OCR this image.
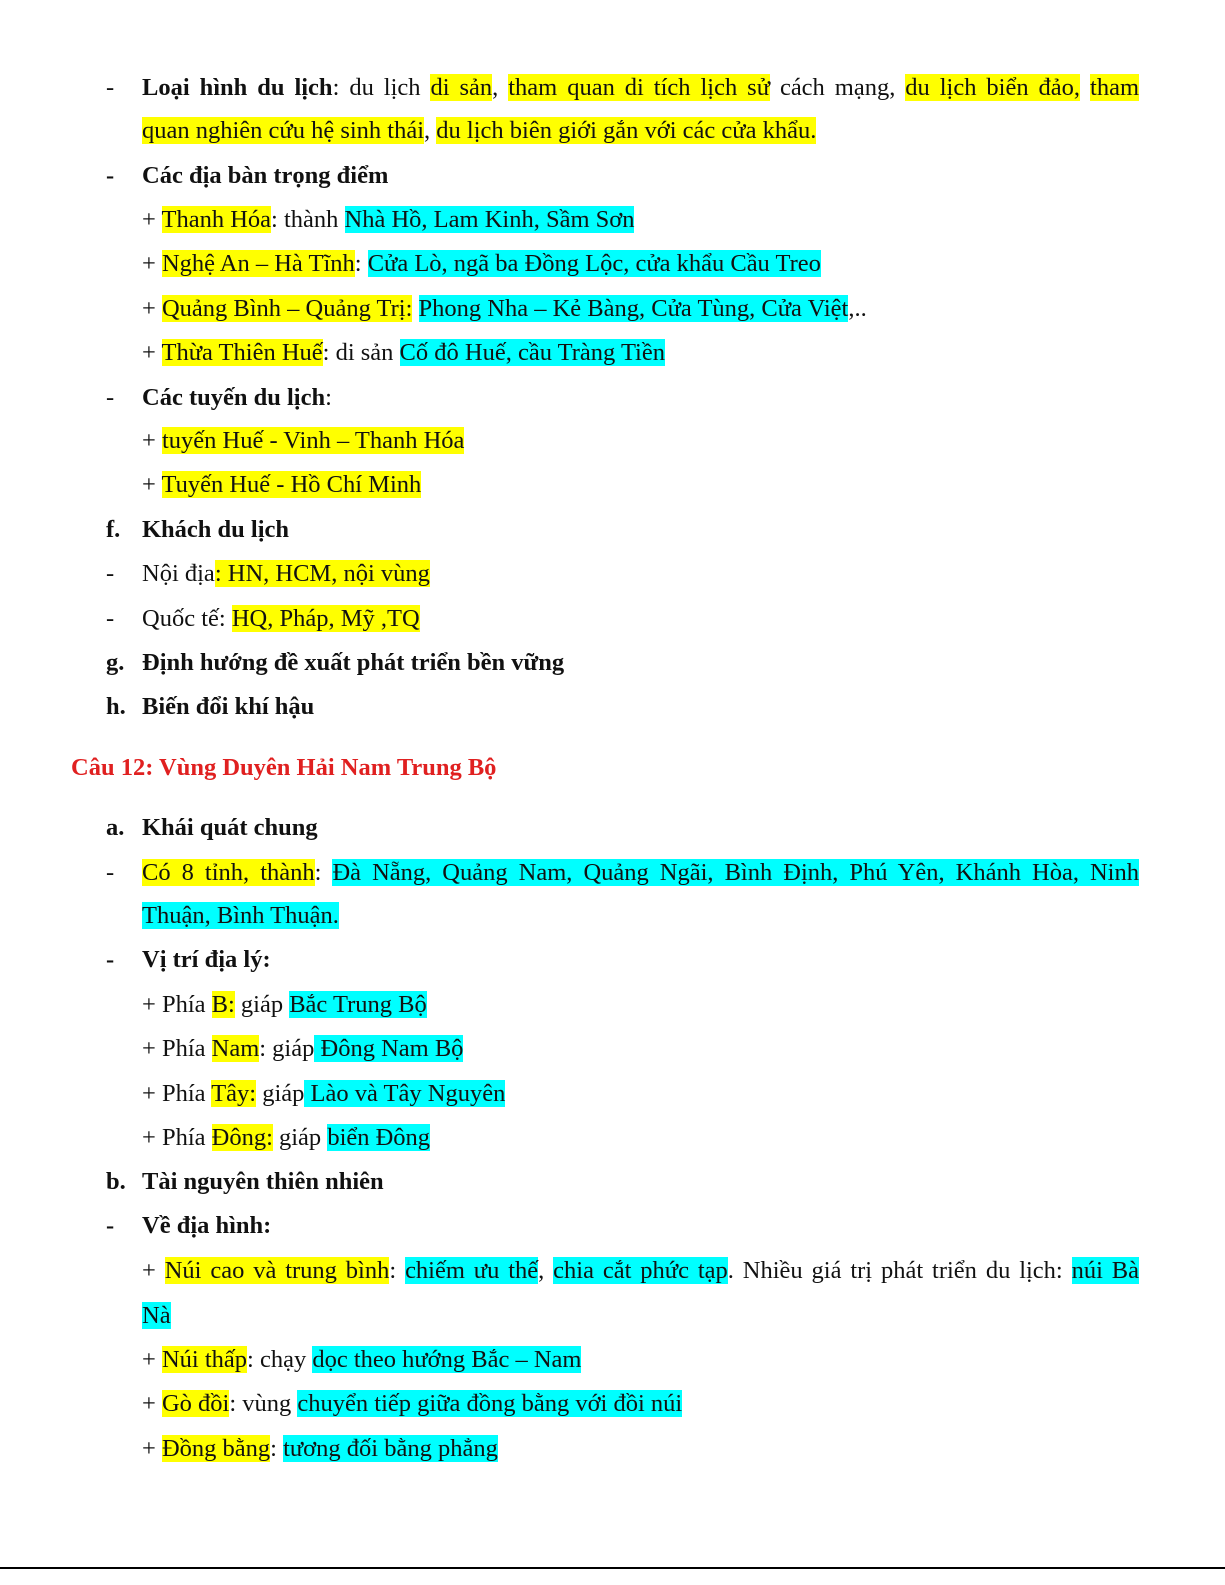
- Loại hình du lịch: du lịch di sản, tham quan di tích lịch sử cách mạng, du lịch biển đảo, tham
quan nghiên cứu hệ sinh thái, du lịch biên giới gắn với các cửa khẩu.
- Các địa bàn trọng điểm
+ Thanh Hóa: thành Nhà Hồ, Lam Kinh, Sầm Sơn
+ Nghệ An – Hà Tĩnh: Cửa Lò, ngã ba Đồng Lộc, cửa khẩu Cầu Treo
+ Quảng Bình – Quảng Trị: Phong Nha – Kẻ Bàng, Cửa Tùng, Cửa Việt,..
+ Thừa Thiên Huế: di sản Cố đô Huế, cầu Tràng Tiền
- Các tuyến du lịch:
+ tuyến Huế - Vinh – Thanh Hóa
+ Tuyến Huế - Hồ Chí Minh
f. Khách du lịch
- Nội địa: HN, HCM, nội vùng
- Quốc tế: HQ, Pháp, Mỹ ,TQ
g. Định hướng đề xuất phát triển bền vững
h. Biến đổi khí hậu
Câu 12: Vùng Duyên Hải Nam Trung Bộ
a. Khái quát chung
- Có 8 tỉnh, thành: Đà Nẵng, Quảng Nam, Quảng Ngãi, Bình Định, Phú Yên, Khánh Hòa, Ninh
Thuận, Bình Thuận.
- Vị trí địa lý:
+ Phía B: giáp Bắc Trung Bộ
+ Phía Nam: giáp Đông Nam Bộ
+ Phía Tây: giáp Lào và Tây Nguyên
+ Phía Đông: giáp biển Đông
b. Tài nguyên thiên nhiên
- Về địa hình:
+ Núi cao và trung bình: chiếm ưu thế, chia cắt phức tạp. Nhiều giá trị phát triển du lịch: núi Bà
Nà
+ Núi thấp: chạy dọc theo hướng Bắc – Nam
+ Gò đồi: vùng chuyển tiếp giữa đồng bằng với đồi núi
+ Đồng bằng: tương đối bằng phẳng
